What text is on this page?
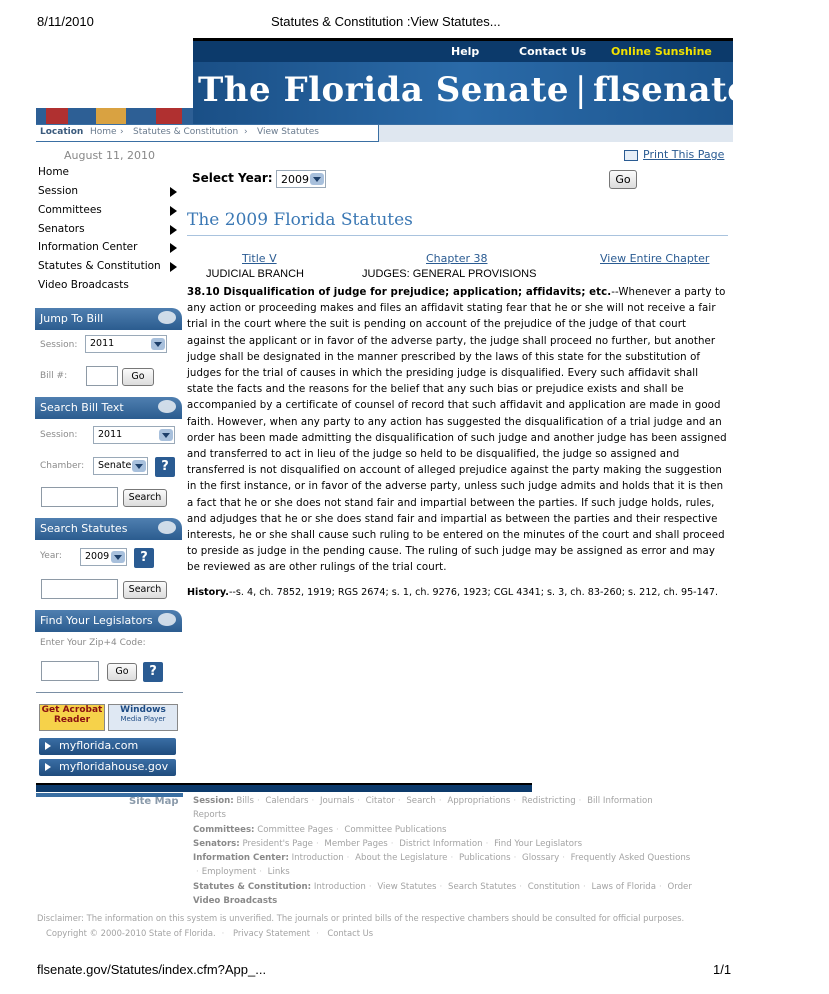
8/11/2010	Statutes & Constitution :View Statutes...
Help	Contact Us Online Sunshine
The Florida Senate | flsenate.gov
Location Home › Statutes & Constitution › View Statutes
August 11, 2010
Home
Session
Committees
Senators
Information Center
Statutes & Constitution
Video Broadcasts
Jump To Bill
Session:	2011
Bill #:	Go
Search Bill Text
Session:	2011
Chamber:	Senate	?
Search
Search Statutes
Year:	2009	?
Search
Find Your Legislators
Enter Your Zip+4 Code:
Go	?
Get Acrobat
Reader
Windows
Media Player
myflorida.com
myfloridahouse.gov
Print This Page
Select Year: 2009	Go
The 2009 Florida Statutes
Title V	Chapter 38	View Entire Chapter
JUDICIAL BRANCH	JUDGES: GENERAL PROVISIONS
38.10 Disqualification of judge for prejudice; application; affidavits; etc.--Whenever a party to any action or proceeding makes and files an affidavit stating fear that he or she will not receive a fair trial in the court where the suit is pending on account of the prejudice of the judge of that court against the applicant or in favor of the adverse party, the judge shall proceed no further, but another judge shall be designated in the manner prescribed by the laws of this state for the substitution of judges for the trial of causes in which the presiding judge is disqualified. Every such affidavit shall state the facts and the reasons for the belief that any such bias or prejudice exists and shall be accompanied by a certificate of counsel of record that such affidavit and application are made in good faith. However, when any party to any action has suggested the disqualification of a trial judge and an order has been made admitting the disqualification of such judge and another judge has been assigned and transferred to act in lieu of the judge so held to be disqualified, the judge so assigned and transferred is not disqualified on account of alleged prejudice against the party making the suggestion in the first instance, or in favor of the adverse party, unless such judge admits and holds that it is then a fact that he or she does not stand fair and impartial between the parties. If such judge holds, rules, and adjudges that he or she does stand fair and impartial as between the parties and their respective interests, he or she shall cause such ruling to be entered on the minutes of the court and shall proceed to preside as judge in the pending cause. The ruling of such judge may be assigned as error and may be reviewed as are other rulings of the trial court.
History.--s. 4, ch. 7852, 1919; RGS 2674; s. 1, ch. 9276, 1923; CGL 4341; s. 3, ch. 83-260; s. 212, ch. 95-147.
Site Map Session: Bills · Calendars · Journals · Citator · Search · Appropriations · Redistricting · Bill Information
Reports
Committees: Committee Pages · Committee Publications
Senators: President's Page · Member Pages · District Information · Find Your Legislators
Information Center: Introduction · About the Legislature · Publications · Glossary · Frequently Asked Questions
· Employment · Links
Statutes & Constitution: Introduction · View Statutes · Search Statutes · Constitution · Laws of Florida · Order
Video Broadcasts
Disclaimer: The information on this system is unverified. The journals or printed bills of the respective chambers should be consulted for official purposes.
Copyright © 2000-2010 State of Florida. · Privacy Statement · Contact Us
flsenate.gov/Statutes/index.cfm?App_...	1/1
